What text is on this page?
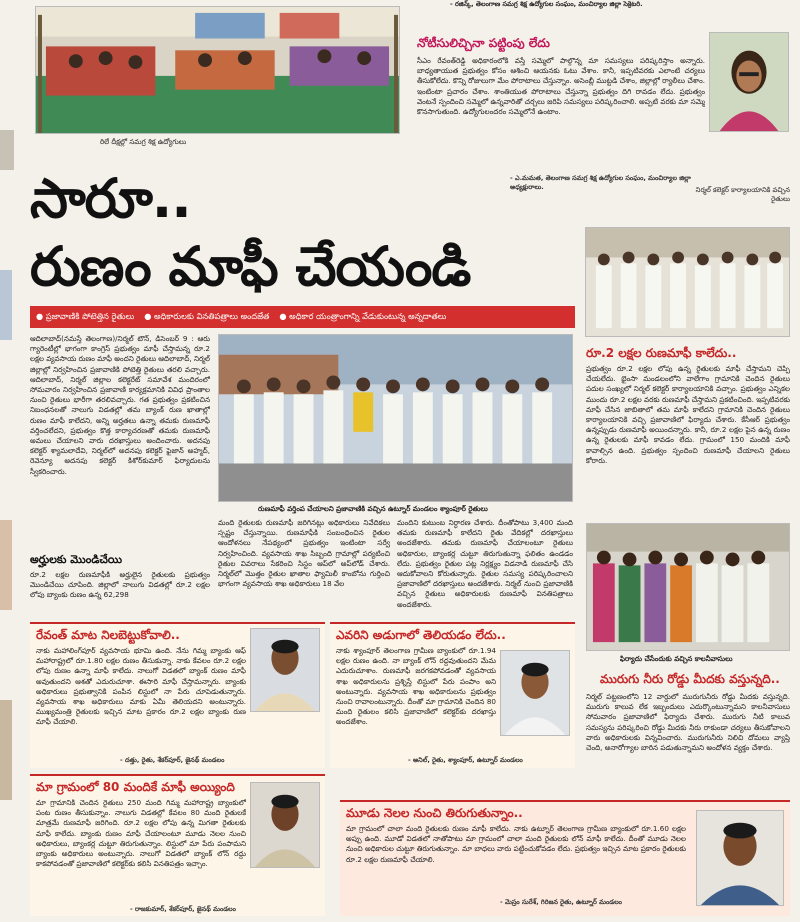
- రజిన్క్, తెలంగాణ సమగ్ర శిక్ష ఉద్యోగుల సంఘం, మంచిర్యాల జిల్లా సెక్రెటరి.
రిలే దీక్షల్లో సమగ్ర శిక్ష ఉద్యోగులు
నోటీసులిచ్చినా పట్టింపు లేదు
సీఎం రేవంత్‌రెడ్డి అధికారంలోకి వస్తే సమ్మెలో పాల్గొన్న మా సమస్యలు పరిష్కరిస్తాం అన్నారు. బాధ్యతాయుత ప్రభుత్వం కోసం ఆశించి ఆయనకు ఓటు వేశాం. కానీ, ఇప్పటివరకు ఎలాంటి చర్యలు తీసుకోలేదు. కొన్ని రోజులుగా మేం పోరాటాలు చేస్తున్నాం. అసెంబ్లీ ముట్టడి చేశాం, జిల్లాల్లో ర్యాలీలు చేశాం. ఇంటింటా ప్రచారం చేశాం. శాంతియుత పోరాటాలు చేస్తున్నా ప్రభుత్వం దిగి రావడం లేదు. ప్రభుత్వం వెంటనే స్పందించి సమ్మెలో ఉన్నవారితో చర్చలు జరిపి సమస్యలు పరిష్కరించాలి. అప్పటి వరకు మా సమ్మె కొనసాగుతుంది. ఉద్యోగులందరం సమ్మెలోనే ఉంటాం.
- ఎ.మమత, తెలంగాణ సమగ్ర శిక్ష ఉద్యోగుల సంఘం, మంచిర్యాల జిల్లా అధ్యక్షురాలు.	నిర్మల్ కలెక్టర్ కార్యాలయానికి వచ్చిన రైతులు
సారూ..
రుణం మాఫీ చేయండి
● ప్రజావాణికి పోటెత్తిన రైతులు ● అధికారులకు వినతిపత్రాలు అందజేత ● అధికార యంత్రాంగాన్ని వేడుకుంటున్న అన్నదాతలు
ఆదిలాబాద్(నమస్తే తెలంగాణ)/నిర్మల్ టౌన్, డిసెంబర్ 9 : ఆరు గ్యారెంటీల్లో భాగంగా కాంగ్రెస్ ప్రభుత్వం మాఫీ చేస్తామన్న రూ.2 లక్షల వ్యవసాయ రుణం మాఫీ అందని రైతులు ఆదిలాబాద్, నిర్మల్ జిల్లాల్లో నిర్వహించిన ప్రజావాణికి పోటెత్తి రైతులు తరలి వచ్చారు. ఆదిలాబాద్, నిర్మల్ జిల్లాల కలెక్టరేట్ సమావేశ మందిరంలో సోమవారం నిర్వహించిన ప్రజావాణి కార్యక్రమానికి వివిధ ప్రాంతాల నుంచి రైతులు భారీగా తరలివచ్చారు. గత ప్రభుత్వం ప్రకటించిన నిబంధనలతో నాలుగు విడతల్లో తమ బ్యాంక్ రుణ ఖాతాల్లో రుణం మాఫీ కాలేదని, అన్ని అర్హతలు ఉన్నా తమకు రుణమాఫీ వర్తించలేదని, ప్రభుత్వం కొత్త కార్యాచరణతో తమకు రుణమాఫీ అమలు చేయాలని వారు దరఖాస్తులు అందించారు. అదనపు కలెక్టర్ శ్యామలాదేవి, నిర్మల్‌లో అదనపు కలెక్టర్ ఫైజాన్ అహ్మద్, రెవెన్యూ అదనపు కలెక్టర్ కిశోర్‌కుమార్ ఫిర్యాదులను స్వీకరించారు.
అర్హులకు మొండిచేయి
రూ.2 లక్షల రుణమాఫీకి అర్హులైన రైతులకు ప్రభుత్వం మొండిచేయి చూపింది. జిల్లాలో నాలుగు విడతల్లో రూ.2 లక్షల లోపు బ్యాంకు రుణం ఉన్న 62,298
రుణమాఫీ వర్తింప చేయాలని ప్రజావాణికి వచ్చిన ఉట్నూర్ మండలం శ్యాంపూర్ రైతులు
మంది రైతులకు రుణమాఫీ జరిగినట్లు అధికారులు నివేదికలు స్పష్టం చేస్తున్నాయి. రుణమాఫీకి సంబంధించిన రైతుల ఆందోళనలు నేపథ్యంలో ప్రభుత్వం ఇంటింటా సర్వే నిర్వహించింది. వ్యవసాయ శాఖ సిబ్బంది గ్రామాల్లో పర్యటించి రైతుల వివరాలు సేకరించి సిస్టం ఆప్‌లో అప్‌లోడ్ చేశారు. నిర్మల్‌లో మొత్తం రైతుల ఖాతాల ఫ్యామిలీ కాంబోను గుర్తించి భాగంగా వ్యవసాయ శాఖ అధికారులు 18 వేల
మందిని కుటుంబ నిర్ధారణ చేశారు. దీంతోపాటు 3,400 మంది తమకు రుణమాఫీ కాలేదని రైతు వేదికల్లో దరఖాస్తులు అందజేశారు. తమకు రుణమాఫీ చేయాలంటూ రైతులు అధికారుల, బ్యాంకర్ల చుట్టూ తిరుగుతున్నా ఫలితం ఉండడం లేదు. ప్రభుత్వం రైతుల పట్ల నిర్లక్ష్యం విడనాడి రుణమాఫీ చేసి ఆదుకోవాలని కోరుతున్నారు. రైతుల సమస్య పరిష్కరించాలని ప్రజావాణిలో దరఖాస్తులు అందజేశారు. నిర్మల్ నుంచి ప్రజావాణికి వచ్చిన రైతులు అధికారులకు రుణమాఫీ వినతిపత్రాలు అందజేశారు.
రూ.2 లక్షల రుణమాఫీ కాలేదు..
ప్రభుత్వం రూ.2 లక్షల లోపు ఉన్న రైతులకు మాఫీ చేస్తామని చెప్పి చేయలేదు. భైంసా మండలంలోని వాలేగాం గ్రామానికి చెందిన రైతులు పదుల సంఖ్యలో నిర్మల్ కలెక్టర్ కార్యాలయానికి వచ్చాం. ప్రభుత్వం ఎన్నికల ముందు రూ.2 లక్షల వరకు రుణమాఫీ చేస్తామని ప్రకటించింది. ఇప్పటివరకు మాఫీ చేసిన జాబితాలో తమ మాఫీ కాలేదని గ్రామానికి చెందిన రైతులు కార్యాలయానికి వచ్చి ప్రజావాణిలో ఫిర్యాదు చేశారు. కేసీఆర్ ప్రభుత్వం ఉన్నప్పుడు రుణమాఫీ అయిందన్నారు. కానీ, రూ.2 లక్షల పైన ఉన్న రుణం ఉన్న రైతులకు మాఫీ కావడం లేదు. గ్రామంలో 150 మందికి మాఫీ కావాల్సిన ఉంది. ప్రభుత్వం స్పందించి రుణమాఫీ చేయాలని రైతులు కోరారు.
ఫిర్యాదు చేసేందుకు వచ్చిన కాలనీవాసులు
మురుగు నీరు రోడ్డు మీదకు వస్తున్నది..
నిర్మల్ పట్టణంలోని 12 వార్డులో మురుగునీరు రోడ్డు మీదకు వస్తున్నది. మురుగు కాలువ లేక ఇబ్బందులు ఎదుర్కొంటున్నామని కాలనీవాసులు సోమవారం ప్రజావాణిలో ఫిర్యాదు చేశారు. మురుగు నీటి కాలువ సమస్యను పరిష్కరించి రోడ్డు మీదకు నీరు రాకుండా చర్యలు తీసుకోవాలని వారు అధికారులకు విన్నవించారు. మురుగునీరు నిలిచి దోమలు వ్యాప్తి చెంది, అనారోగ్యాల బారిన పడుతున్నామని అందోళన వ్యక్తం చేశారు.
రేవంత్ మాట నిలబెట్టుకోవాలి..
నాకు మహాలింగ్‌పూర్ వ్యవసాయ భూమి ఉంది. నేను గిమ్మ బ్యాంకు ఆఫ్ మహారాష్ట్రలో రూ.1.80 లక్షల రుణం తీసుకున్నా. నాకు కేవలం రూ.2 లక్షల లోపు రుణం ఉన్నా మాఫీ కాలేదు. నాలుగో విడతలో బ్యాంక్ రుణం మాఫీ అవుతుందని ఆశతో ఎదురుచూశా. ఈసారి మాఫీ చేస్తామన్నారు. బ్యాంకు అధికారులు ప్రభుత్వానికి పంపిన లిస్టులో నా పేరు చూపెడుతున్నారు. వ్యవసాయ శాఖ అధికారులు మాకు ఏమీ తెలియదని అంటున్నారు. ముఖ్యమంత్రి రైతులకు ఇచ్చిన మాట ప్రకారం రూ.2 లక్షల బ్యాంకు రుణ మాఫీ చేయాలి.
- దత్తు, రైతు, శేకర్‌పూర్, జైనథ్ మండలం
ఎవరిని అడుగాలో తెలియడం లేదు..
నాకు శ్యాంపూర్ తెలంగాణ గ్రామీణ బ్యాంకులో రూ.1.94 లక్షల రుణం ఉంది. నా బ్యాంక్ లోన్ రద్దవుతుందని మేమ ఎదురుచూశాం. రుణమాఫీ జరగకపోవడంతో వ్యవసాయ శాఖ అధికారులను ప్రశ్నిస్తే లిస్టులో పేరు పంపాం అని అంటున్నారు. వ్యవసాయ శాఖ అధికారులను ప్రభుత్వం నుంచి రావాలంటున్నారు. దీంతో మా గ్రామానికి చెందిన 80 మంది రైతులం కలిసి ప్రజావాణిలో కలెక్టర్‌కు దరఖాస్తు అందజేశాం.
- అనిల్, రైతు, శ్యాంపూర్, ఉట్నూర్ మండలం
మా గ్రామంలో 80 మందికే మాఫీ అయ్యింది
మా గ్రామానికి చెందిన రైతులు 250 మంది గిమ్మ మహారాష్ట్ర బ్యాంకులో పంట రుణం తీసుకున్నాం. నాలుగు విడతల్లో కేవలం 80 మంది రైతులకే మాత్రమే రుణమాఫీ జరిగింది. రూ.2 లక్షల లోపు ఉన్న మిగతా రైతులకు మాఫీ కాలేదు. బ్యాంకు రుణం మాఫీ చేయాలంటూ మూడు నెలల నుంచి అధికారులు, బ్యాంకర్ల చుట్టూ తిరుగుతున్నాం. లిస్టులో మా పేరు పంపామని బ్యాంకు అధికారులు అంటున్నారు. నాలుగో విడతలో బ్యాంక్ లోన్ రద్దు కాకపోవడంతో ప్రజావాణిలో కలెక్టర్‌కు కలిసి వినతిపత్రం ఇచ్చాం.
- రాజకుమార్, శేకర్‌పూర్, జైనథ్ మండలం
మూడు నెలల నుంచి తిరుగుతున్నాం..
మా గ్రామంలో చాలా మంది రైతులకు రుణం మాఫీ కాలేదు. నాకు ఉట్నూర్ తెలంగాణ గ్రామీణ బ్యాంకులో రూ.1.60 లక్షల అప్పు ఉంది. మూడో విడతలో నాతోపాటు మా గ్రామంలో చాలా మంది రైతులకు లోన్ మాఫీ కాలేదు. దీంతో మూడు నెలల నుంచి అధికారుల చుట్టూ తిరుగుతున్నాం. మా బాధలు వారు పట్టించుకోవడం లేదు. ప్రభుత్వం ఇచ్చిన మాట ప్రకారం రైతులకు రూ.2 లక్షల రుణమాఫీ చేయాలి.
- మెస్రం సురేశ్, గిరిజన రైతు, ఉట్నూర్ మండలం
